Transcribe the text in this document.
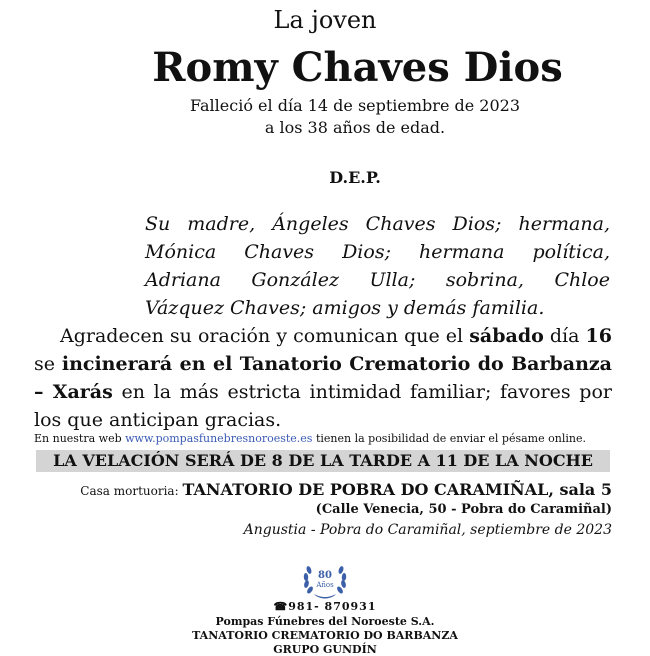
La joven
Romy Chaves Dios
Falleció el día 14 de septiembre de 2023
a los 38 años de edad.
D.E.P.
Su madre, Ángeles Chaves Dios; hermana,
Mónica Chaves Dios; hermana política,
Adriana González Ulla; sobrina, Chloe
Vázquez Chaves; amigos y demás familia.
Agradecen su oración y comunican que el sábado día 16 se incinerará en el Tanatorio Crematorio do Barbanza – Xarás en la más estricta intimidad familiar; favores por los que anticipan gracias.
En nuestra web www.pompasfunebresnoroeste.es tienen la posibilidad de enviar el pésame online.
LA VELACIÓN SERÁ DE 8 DE LA TARDE A 11 DE LA NOCHE
Casa mortuoria: TANATORIO DE POBRA DO CARAMIÑAL, sala 5
(Calle Venecia, 50 - Pobra do Caramiñal)
Angustia - Pobra do Caramiñal, septiembre de 2023
80
Años
☎981- 870931
Pompas Fúnebres del Noroeste S.A.
TANATORIO CREMATORIO DO BARBANZA
GRUPO GUNDÍN
